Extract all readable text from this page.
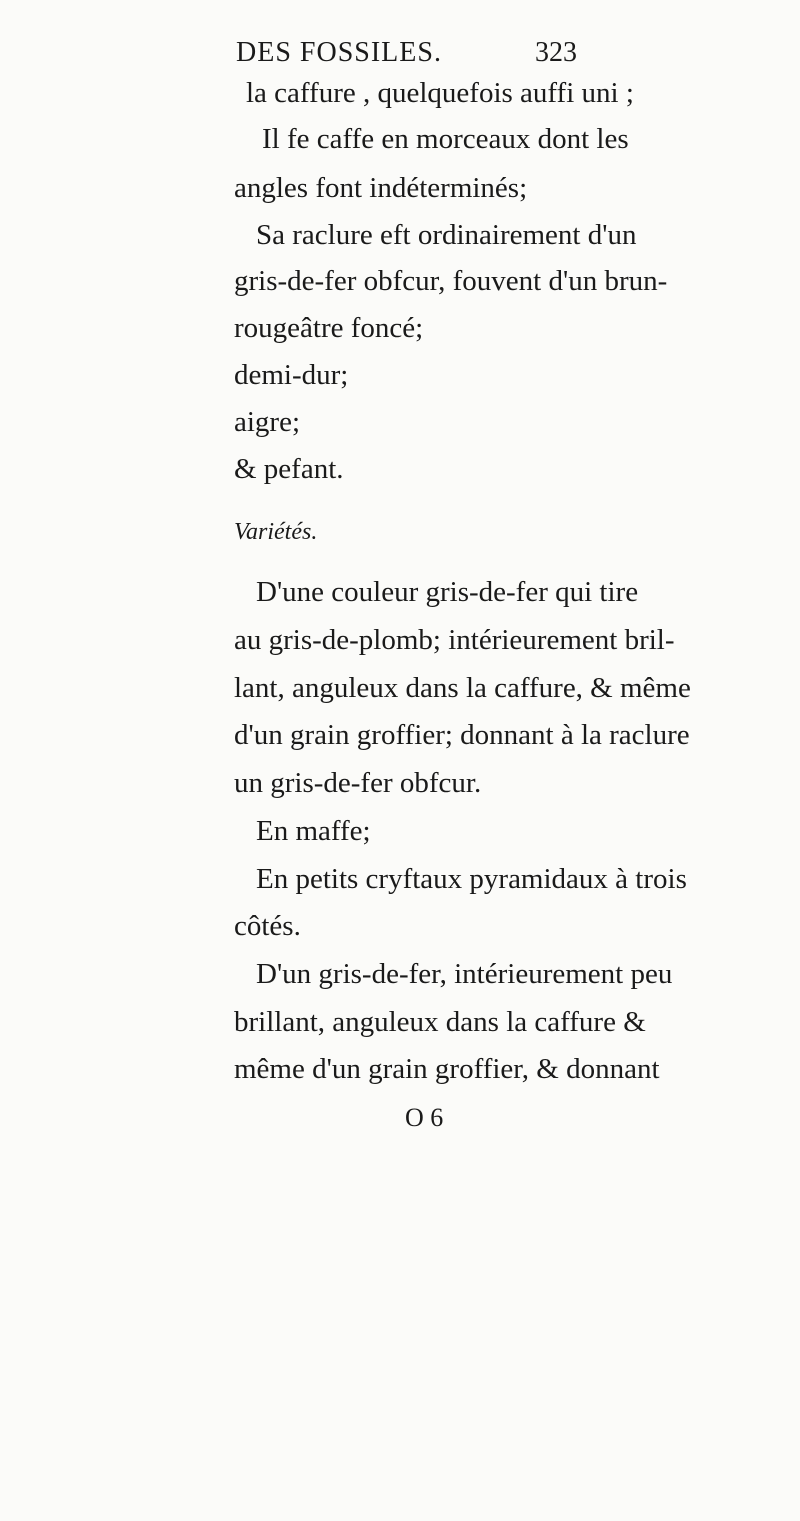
DES FOSSILES.	323
la caffure , quelquefois auffi uni ;
Il fe caffe en morceaux dont les
angles font indéterminés;
Sa raclure eft ordinairement d'un
gris-de-fer obfcur, fouvent d'un brun-
rougeâtre foncé;
demi-dur;
aigre;
& pefant.
Variétés.
D'une couleur gris-de-fer qui tire
au gris-de-plomb; intérieurement bril-
lant, anguleux dans la caffure, & même
d'un grain groffier; donnant à la raclure
un gris-de-fer obfcur.
En maffe;
En petits cryftaux pyramidaux à trois
côtés.
D'un gris-de-fer, intérieurement peu
brillant, anguleux dans la caffure &
même d'un grain groffier, & donnant
O 6
